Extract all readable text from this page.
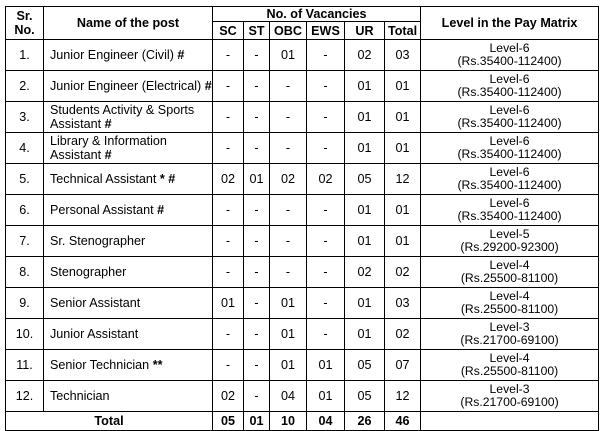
Sr. No.	Name of the post	No. of Vacancies						Level in the Pay Matrix
		SC	ST	OBC	EWS	UR	Total	
1.	Junior Engineer (Civil) #	-	-	01	-	02	03	Level-6
(Rs.35400-112400)

2.	Junior Engineer (Electrical) #	-	-	-	-	01	01	Level-6
(Rs.35400-112400)

3.	Students Activity & Sports Assistant #	-	-	-	-	01	01	Level-6
(Rs.35400-112400)

4.	Library & Information Assistant #	-	-	-	-	01	01	Level-6
(Rs.35400-112400)

5.	Technical Assistant * #	02	01	02	02	05	12	Level-6
(Rs.35400-112400)

6.	Personal Assistant #	-	-	-	-	01	01	Level-6
(Rs.35400-112400)

7.	Sr. Stenographer	-	-	-	-	01	01	Level-5
(Rs.29200-92300)

8.	Stenographer	-	-	-	-	02	02	Level-4
(Rs.25500-81100)

9.	Senior Assistant	01	-	01	-	01	03	Level-4
(Rs.25500-81100)

10.	Junior Assistant	-	-	01	-	01	02	Level-3
(Rs.21700-69100)

11.	Senior Technician **	-	-	01	01	05	07	Level-4
(Rs.25500-81100)

12.	Technician	02	-	04	01	05	12	Level-3
(Rs.21700-69100)

Total		05	01	10	04	26	46	
